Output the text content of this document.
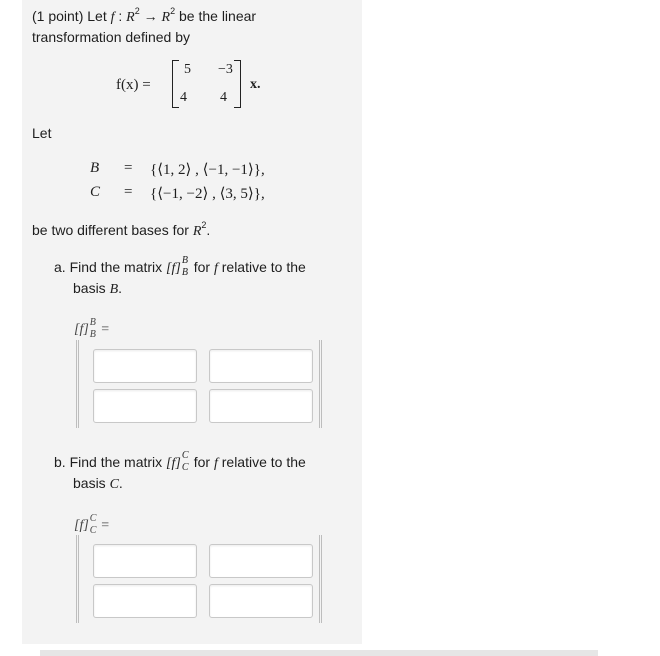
(1 point) Let f : $R^2 \to R^2$ be the linear
transformation defined by
f(x) =
5 −3
4 4
x.
Let
B = {⟨1, 2⟩ , ⟨−1, −1⟩},
C = {⟨−1, −2⟩ , ⟨3, 5⟩},
be two different bases for $R^2$.
a. Find the matrix [f]
B
B for f relative to the
basis B.
[f] B
B =
b. Find the matrix [f]
C
C for f relative to the
basis C.
[f] C
C =
